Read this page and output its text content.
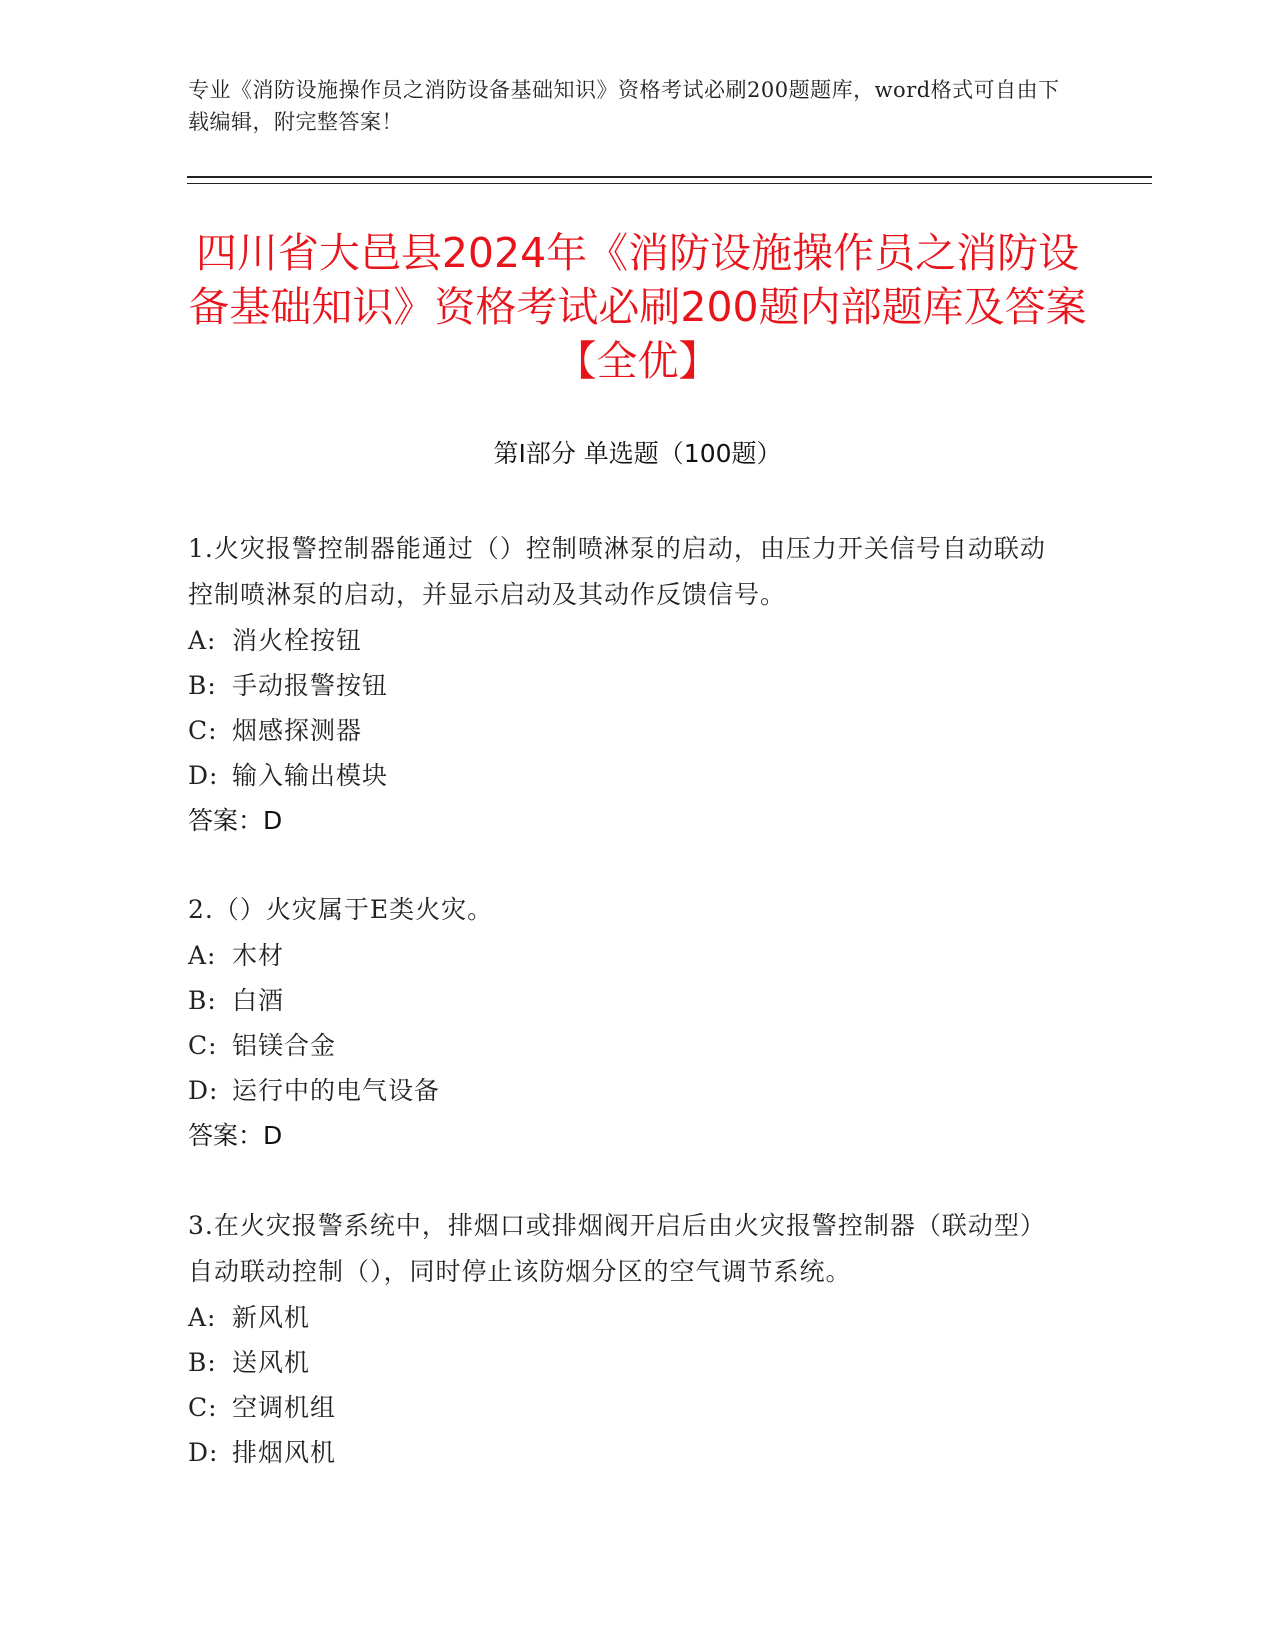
专业《消防设施操作员之消防设备基础知识》资格考试必刷200题题库，word格式可自由下载编辑，附完整答案！
四川省大邑县2024年《消防设施操作员之消防设备基础知识》资格考试必刷200题内部题库及答案【全优】
第Ⅰ部分 单选题（100题）

1.火灾报警控制器能通过（）控制喷淋泵的启动，由压力开关信号自动联动控制喷淋泵的启动，并显示启动及其动作反馈信号。

A: 消火栓按钮

B: 手动报警按钮

C: 烟感探测器

D: 输入输出模块

答案：D

2.（）火灾属于E类火灾。

A: 木材

B: 白酒

C: 铝镁合金

D: 运行中的电气设备

答案：D

3.在火灾报警系统中，排烟口或排烟阀开启后由火灾报警控制器（联动型）自动联动控制（），同时停止该防烟分区的空气调节系统。

A: 新风机

B: 送风机

C: 空调机组

D: 排烟风机
